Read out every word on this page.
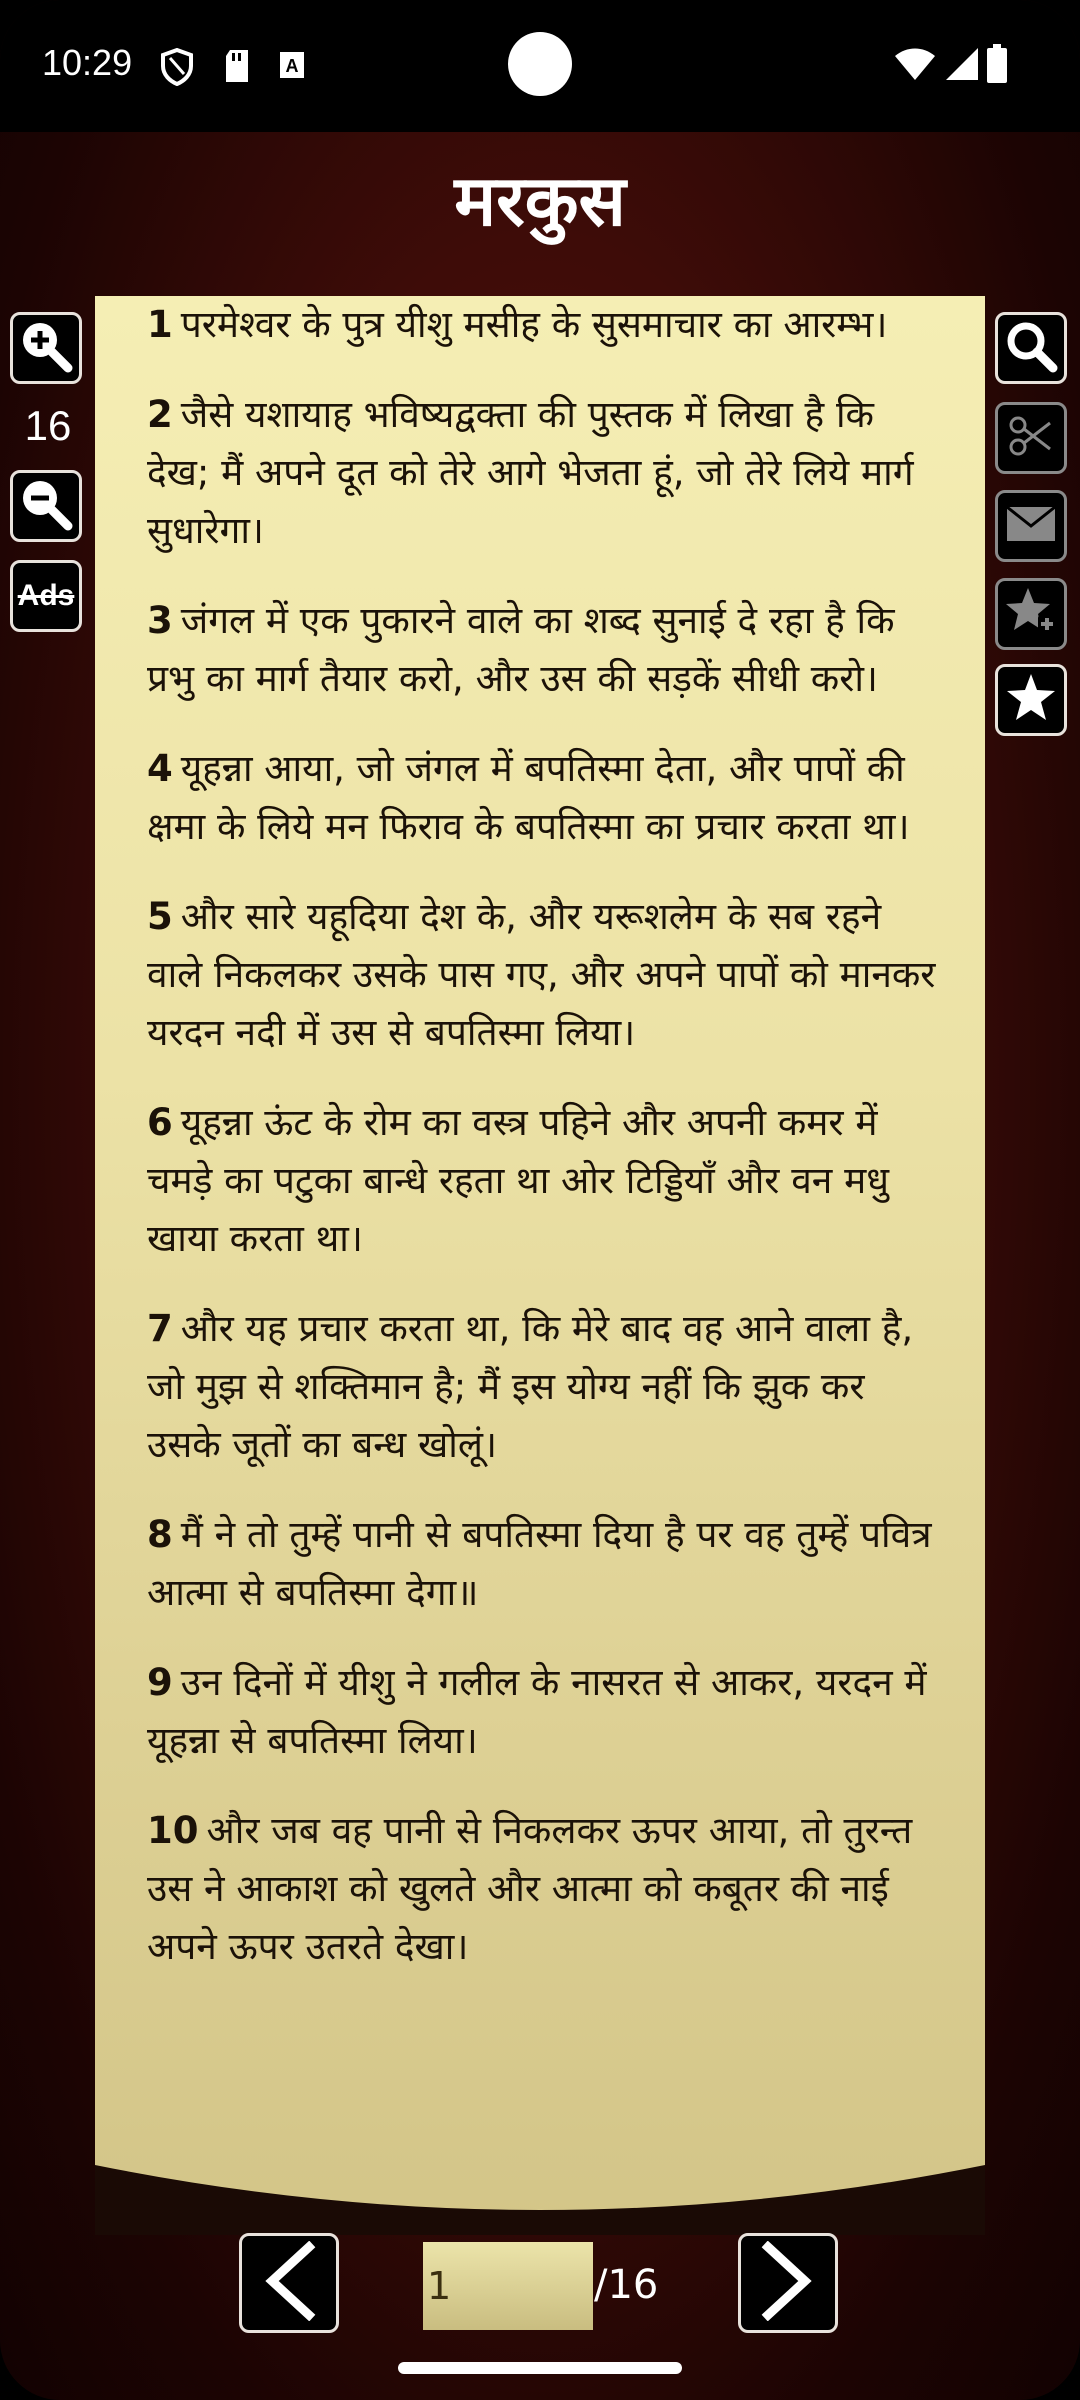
10:29	A
मरकुस
16
Ads
1 परमेश्वर के पुत्र यीशु मसीह के सुसमाचार का आरम्भ।
2 जैसे यशायाह भविष्यद्वक्ता की पुस्तक में लिखा है कि देख; मैं अपने दूत को तेरे आगे भेजता हूं, जो तेरे लिये मार्ग सुधारेगा।
3 जंगल में एक पुकारने वाले का शब्द सुनाई दे रहा है कि प्रभु का मार्ग तैयार करो, और उस की सड़कें सीधी करो।
4 यूहन्ना आया, जो जंगल में बपतिस्मा देता, और पापों की क्षमा के लिये मन फिराव के बपतिस्मा का प्रचार करता था।
5 और सारे यहूदिया देश के, और यरूशलेम के सब रहने वाले निकलकर उसके पास गए, और अपने पापों को मानकर यरदन नदी में उस से बपतिस्मा लिया।
6 यूहन्ना ऊंट के रोम का वस्त्र पहिने और अपनी कमर में चमड़े का पटुका बान्धे रहता था ओर टिड्डियाँ और वन मधु खाया करता था।
7 और यह प्रचार करता था, कि मेरे बाद वह आने वाला है, जो मुझ से शक्तिमान है; मैं इस योग्य नहीं कि झुक कर उसके जूतों का बन्ध खोलूं।
8 मैं ने तो तुम्हें पानी से बपतिस्मा दिया है पर वह तुम्हें पवित्र आत्मा से बपतिस्मा देगा॥
9 उन दिनों में यीशु ने गलील के नासरत से आकर, यरदन में यूहन्ना से बपतिस्मा लिया।
10 और जब वह पानी से निकलकर ऊपर आया, तो तुरन्त उस ने आकाश को खुलते और आत्मा को कबूतर की नाई अपने ऊपर उतरते देखा।
1	/16
